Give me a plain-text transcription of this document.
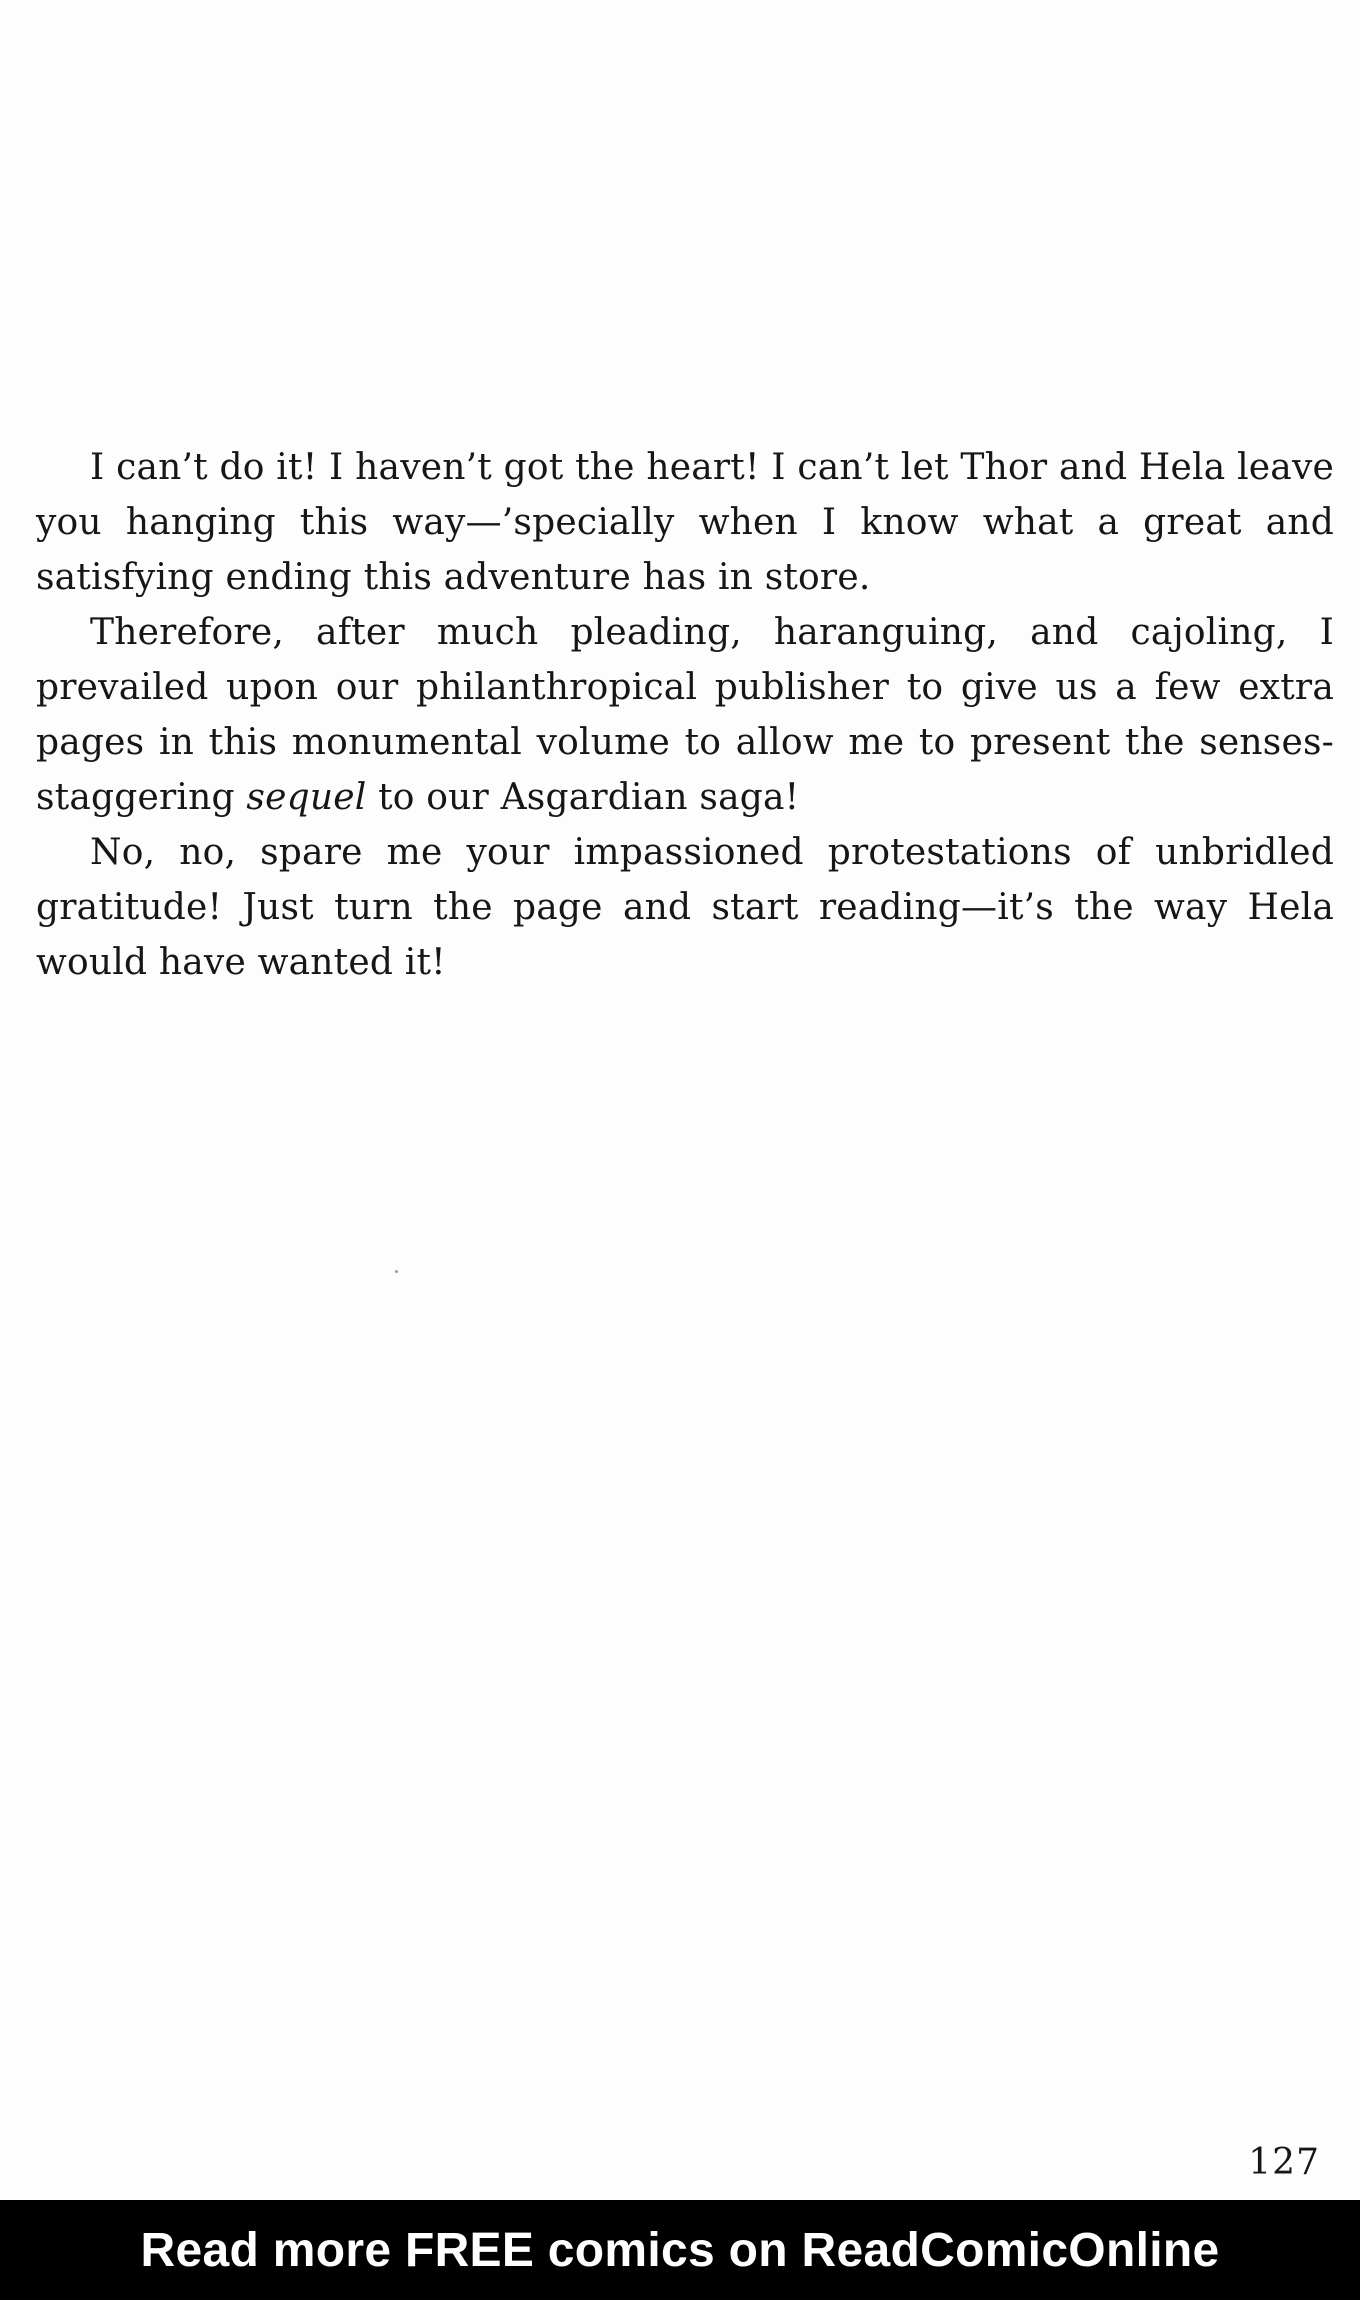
I can’t do it! I haven’t got the heart! I can’t let Thor and Hela leave you hanging this way—’specially when I know what a great and satisfying ending this adventure has in store.

Therefore, after much pleading, haranguing, and cajoling, I prevailed upon our philanthropical publisher to give us a few extra pages in this monumental volume to allow me to present the senses-staggering sequel to our Asgardian saga!

No, no, spare me your impassioned protestations of unbridled gratitude! Just turn the page and start reading—it’s the way Hela would have wanted it!

127
Read more FREE comics on ReadComicOnline
